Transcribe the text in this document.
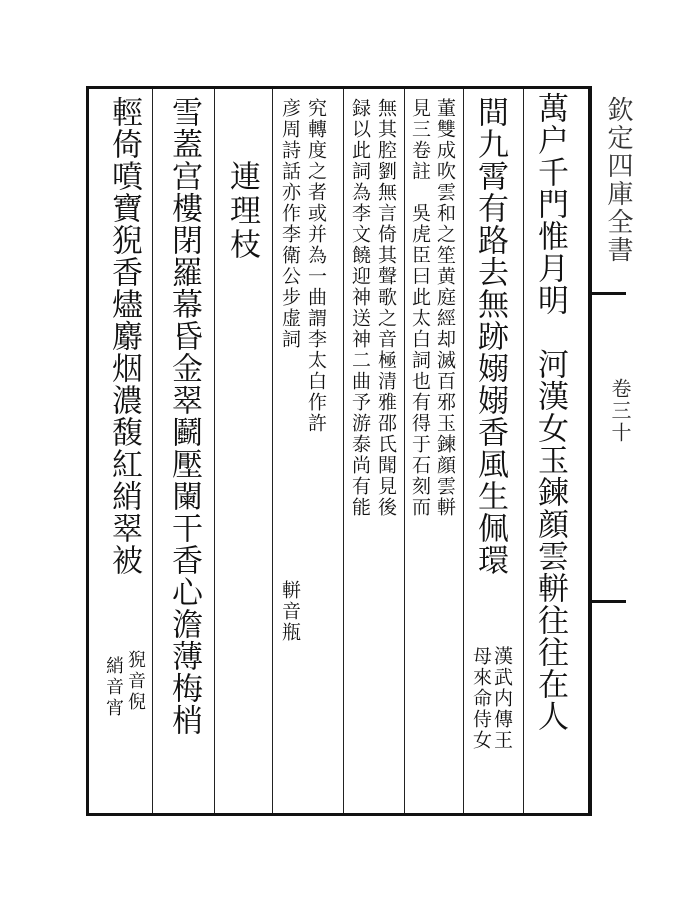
欽定四庫全書
卷三十
萬户千門惟月明　河漢女玉鍊顔雲軿往往在人
間九霄有路去無跡嫋嫋香風生佩環
漢武内傳王
母來命侍女
董雙成吹雲和之笙黄庭經却滅百邪玉鍊顔雲軿
見三卷註　吳虎臣曰此太白詞也有得于石刻而
無其腔劉無言倚其聲歌之音極清雅邵氏聞見後
録以此詞為李文饒迎神送神二曲予游泰尚有能
究轉度之者或并為一曲謂李太白作許
彦周詩話亦作李衛公步虚詞
軿音瓶
連理枝
雪蓋宫樓閉羅幕昏金翠鬬壓闌干香心澹薄梅梢
輕倚噴寶猊香燼麝烟濃馥紅綃翠被
猊音倪
綃音宵
